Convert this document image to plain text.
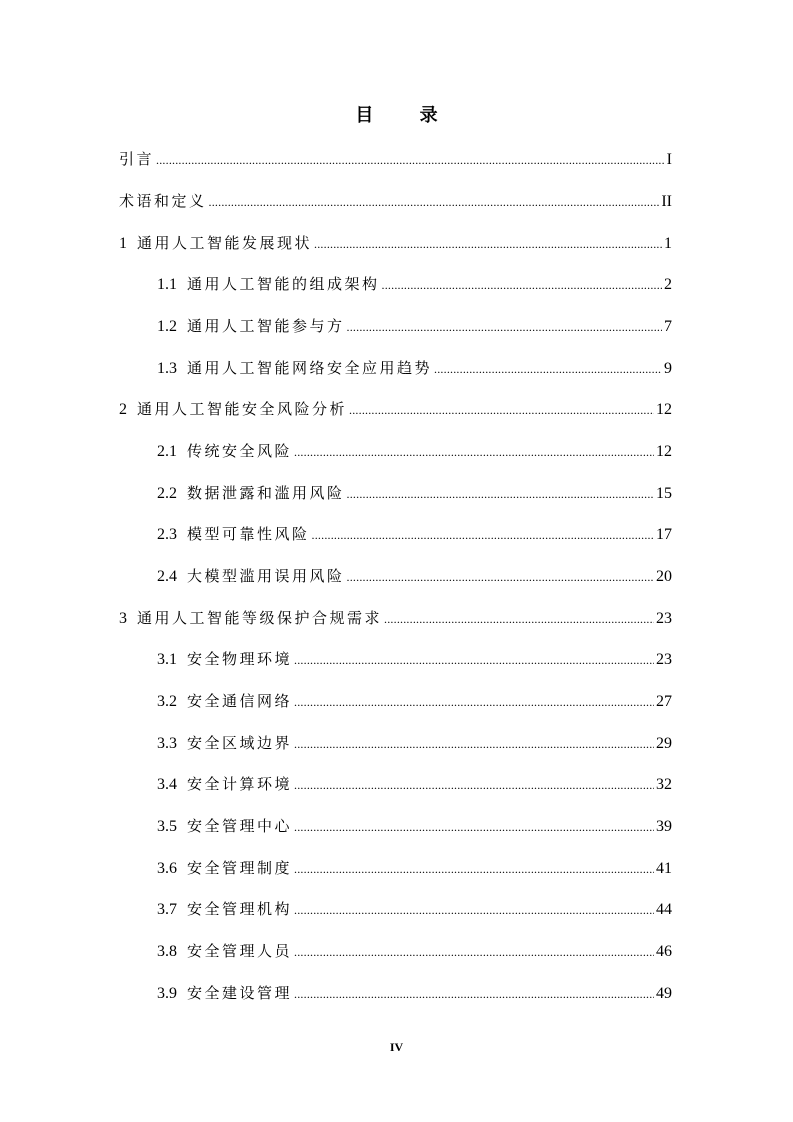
目 录
引言 .....	I
术语和定义 .....	II
1 通用人工智能发展现状 .....	1
1.1 通用人工智能的组成架构 .....	2
1.2 通用人工智能参与方 .....	7
1.3 通用人工智能网络安全应用趋势 .....	9
2 通用人工智能安全风险分析 .....	12
2.1 传统安全风险 .....	12
2.2 数据泄露和滥用风险 .....	15
2.3 模型可靠性风险 .....	17
2.4 大模型滥用误用风险 .....	20
3 通用人工智能等级保护合规需求 .....	23
3.1 安全物理环境 .....	23
3.2 安全通信网络 .....	27
3.3 安全区域边界 .....	29
3.4 安全计算环境 .....	32
3.5 安全管理中心 .....	39
3.6 安全管理制度 .....	41
3.7 安全管理机构 .....	44
3.8 安全管理人员 .....	46
3.9 安全建设管理 .....	49
IV
